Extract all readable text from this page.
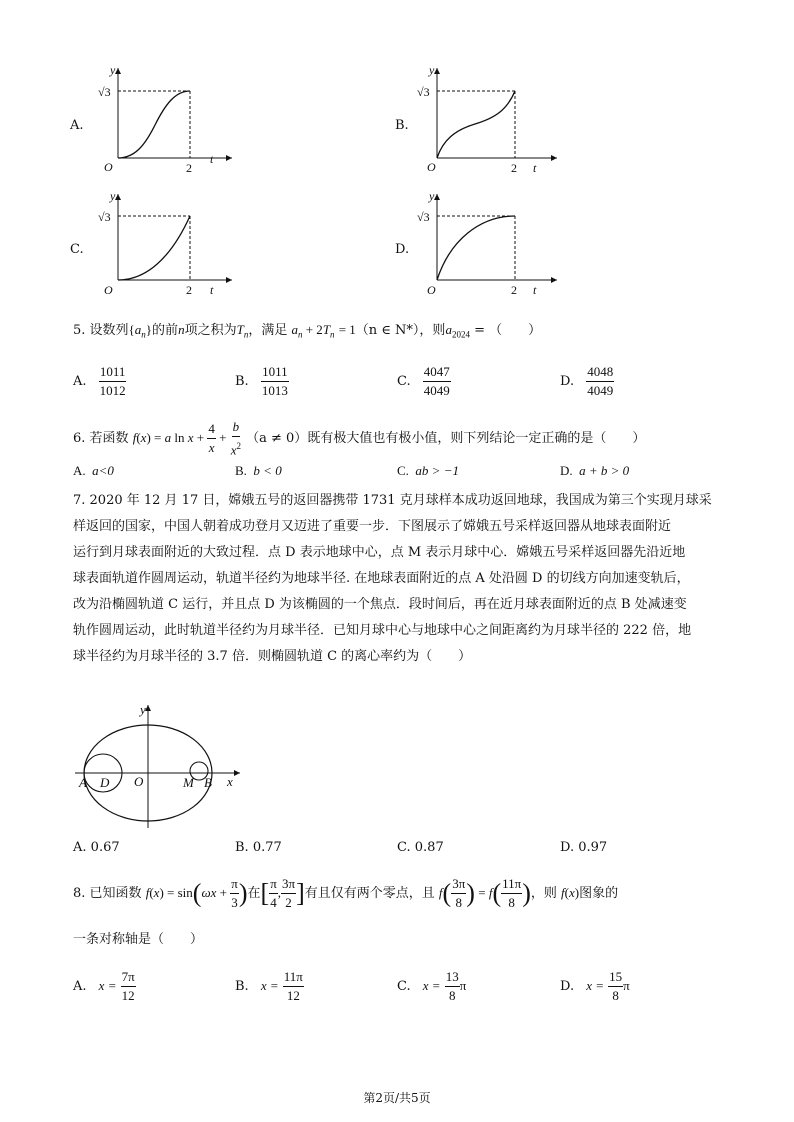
A.
y
√3
O	2
t
B.
y
√3
O	2 t
C.
y
√3
O	2 t
D.
y
√3
O	2 t
5. 设数列$\{a_n\}$的前n项之积为$T_n$，满足 $a_n + 2T_n = 1(n$ ∈ N*），则$a_{2024}$ = （　　）
A. $\frac{1011}{1012}$	B. $\frac{1011}{1013}$	C. $\frac{4047}{4049}$	D. $\frac{4048}{4049}$
6. 若函数 f(x) = a $\ln x + \frac{4}{x} + \frac{b}{x^2} (a \ne 0)$既有极大值也有极小值，则下列结论一定正确的是（　　）
A. a<0	B. b < 0	C. ab > −1	D. a + b > 0
7. 2020 年 12 月 17 日，嫦娥五号的返回器携带 1731 克月球样本成功返回地球，我国成为第三个实现月球采
样返回的国家，中国人朝着成功登月又迈进了重要一步．下图展示了嫦娥五号采样返回器从地球表面附近
运行到月球表面附近的大致过程．点 D 表示地球中心，点 M 表示月球中心．嫦娥五号采样返回器先沿近地
球表面轨道作圆周运动，轨道半径约为地球半径. 在地球表面附近的点 A 处沿圆 D 的切线方向加速变轨后，
改为沿椭圆轨道 C 运行，并且点 D 为该椭圆的一个焦点．段时间后，再在近月球表面附近的点 B 处减速变
轨作圆周运动，此时轨道半径约为月球半径．已知月球中心与地球中心之间距离约为月球半径的 222 倍，地
球半径约为月球半径的 3.7 倍．则椭圆轨道 C 的离心率约为（　　）
y
x
A D O	M B
A. 0.67	B. 0.77	C. 0.87	D. 0.97
8. 已知函数 $f(x) = \sin(\omega x + \frac{\pi}{3}$ )在[ $\frac{\pi}{4}$ , $\frac{3\pi}{2}$ ]有且仅有两个零点，且 $f( \frac{3\pi}{8}$ ) = $f( \frac{11\pi}{8}$ )，则 f(x)图象的
一条对称轴是（　　）
A. $x = \frac{7\pi}{12}$	B. $x = \frac{11\pi}{12}$	C. $x = \frac{13}{8}$ π	D. $x = \frac{15}{8}$ π
第2页/共5页
